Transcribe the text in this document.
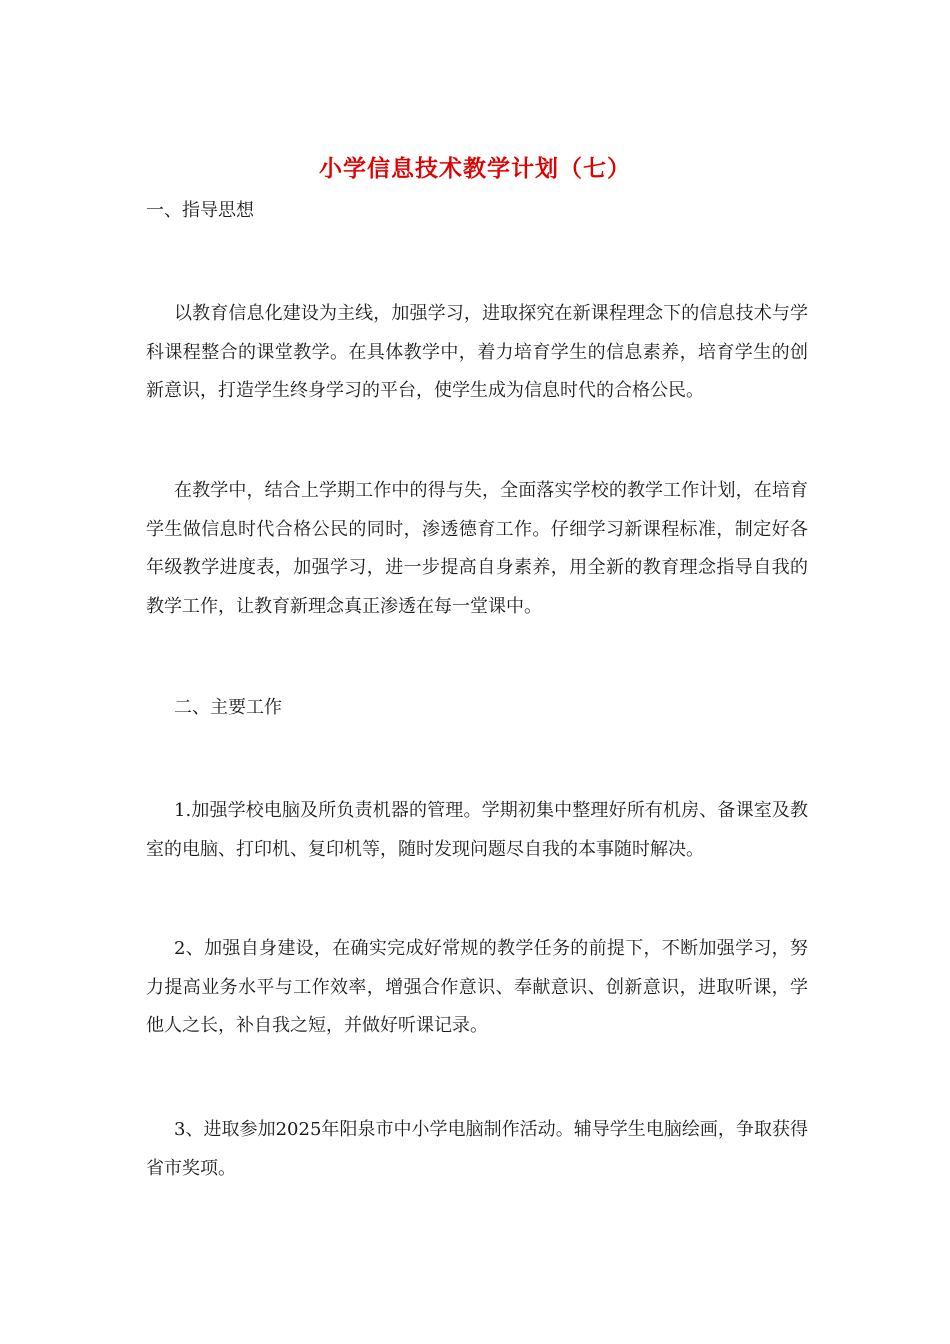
小学信息技术教学计划（七）
一、指导思想

以教育信息化建设为主线，加强学习，进取探究在新课程理念下的信息技术与学科课程整合的课堂教学。在具体教学中，着力培育学生的信息素养，培育学生的创新意识，打造学生终身学习的平台，使学生成为信息时代的合格公民。

在教学中，结合上学期工作中的得与失，全面落实学校的教学工作计划，在培育学生做信息时代合格公民的同时，渗透德育工作。仔细学习新课程标准，制定好各年级教学进度表，加强学习，进一步提高自身素养，用全新的教育理念指导自我的教学工作，让教育新理念真正渗透在每一堂课中。

二、主要工作

1.加强学校电脑及所负责机器的管理。学期初集中整理好所有机房、备课室及教室的电脑、打印机、复印机等，随时发现问题尽自我的本事随时解决。

2、加强自身建设，在确实完成好常规的教学任务的前提下，不断加强学习，努力提高业务水平与工作效率，增强合作意识、奉献意识、创新意识，进取听课，学他人之长，补自我之短，并做好听课记录。

3、进取参加2025年阳泉市中小学电脑制作活动。辅导学生电脑绘画，争取获得省市奖项。
